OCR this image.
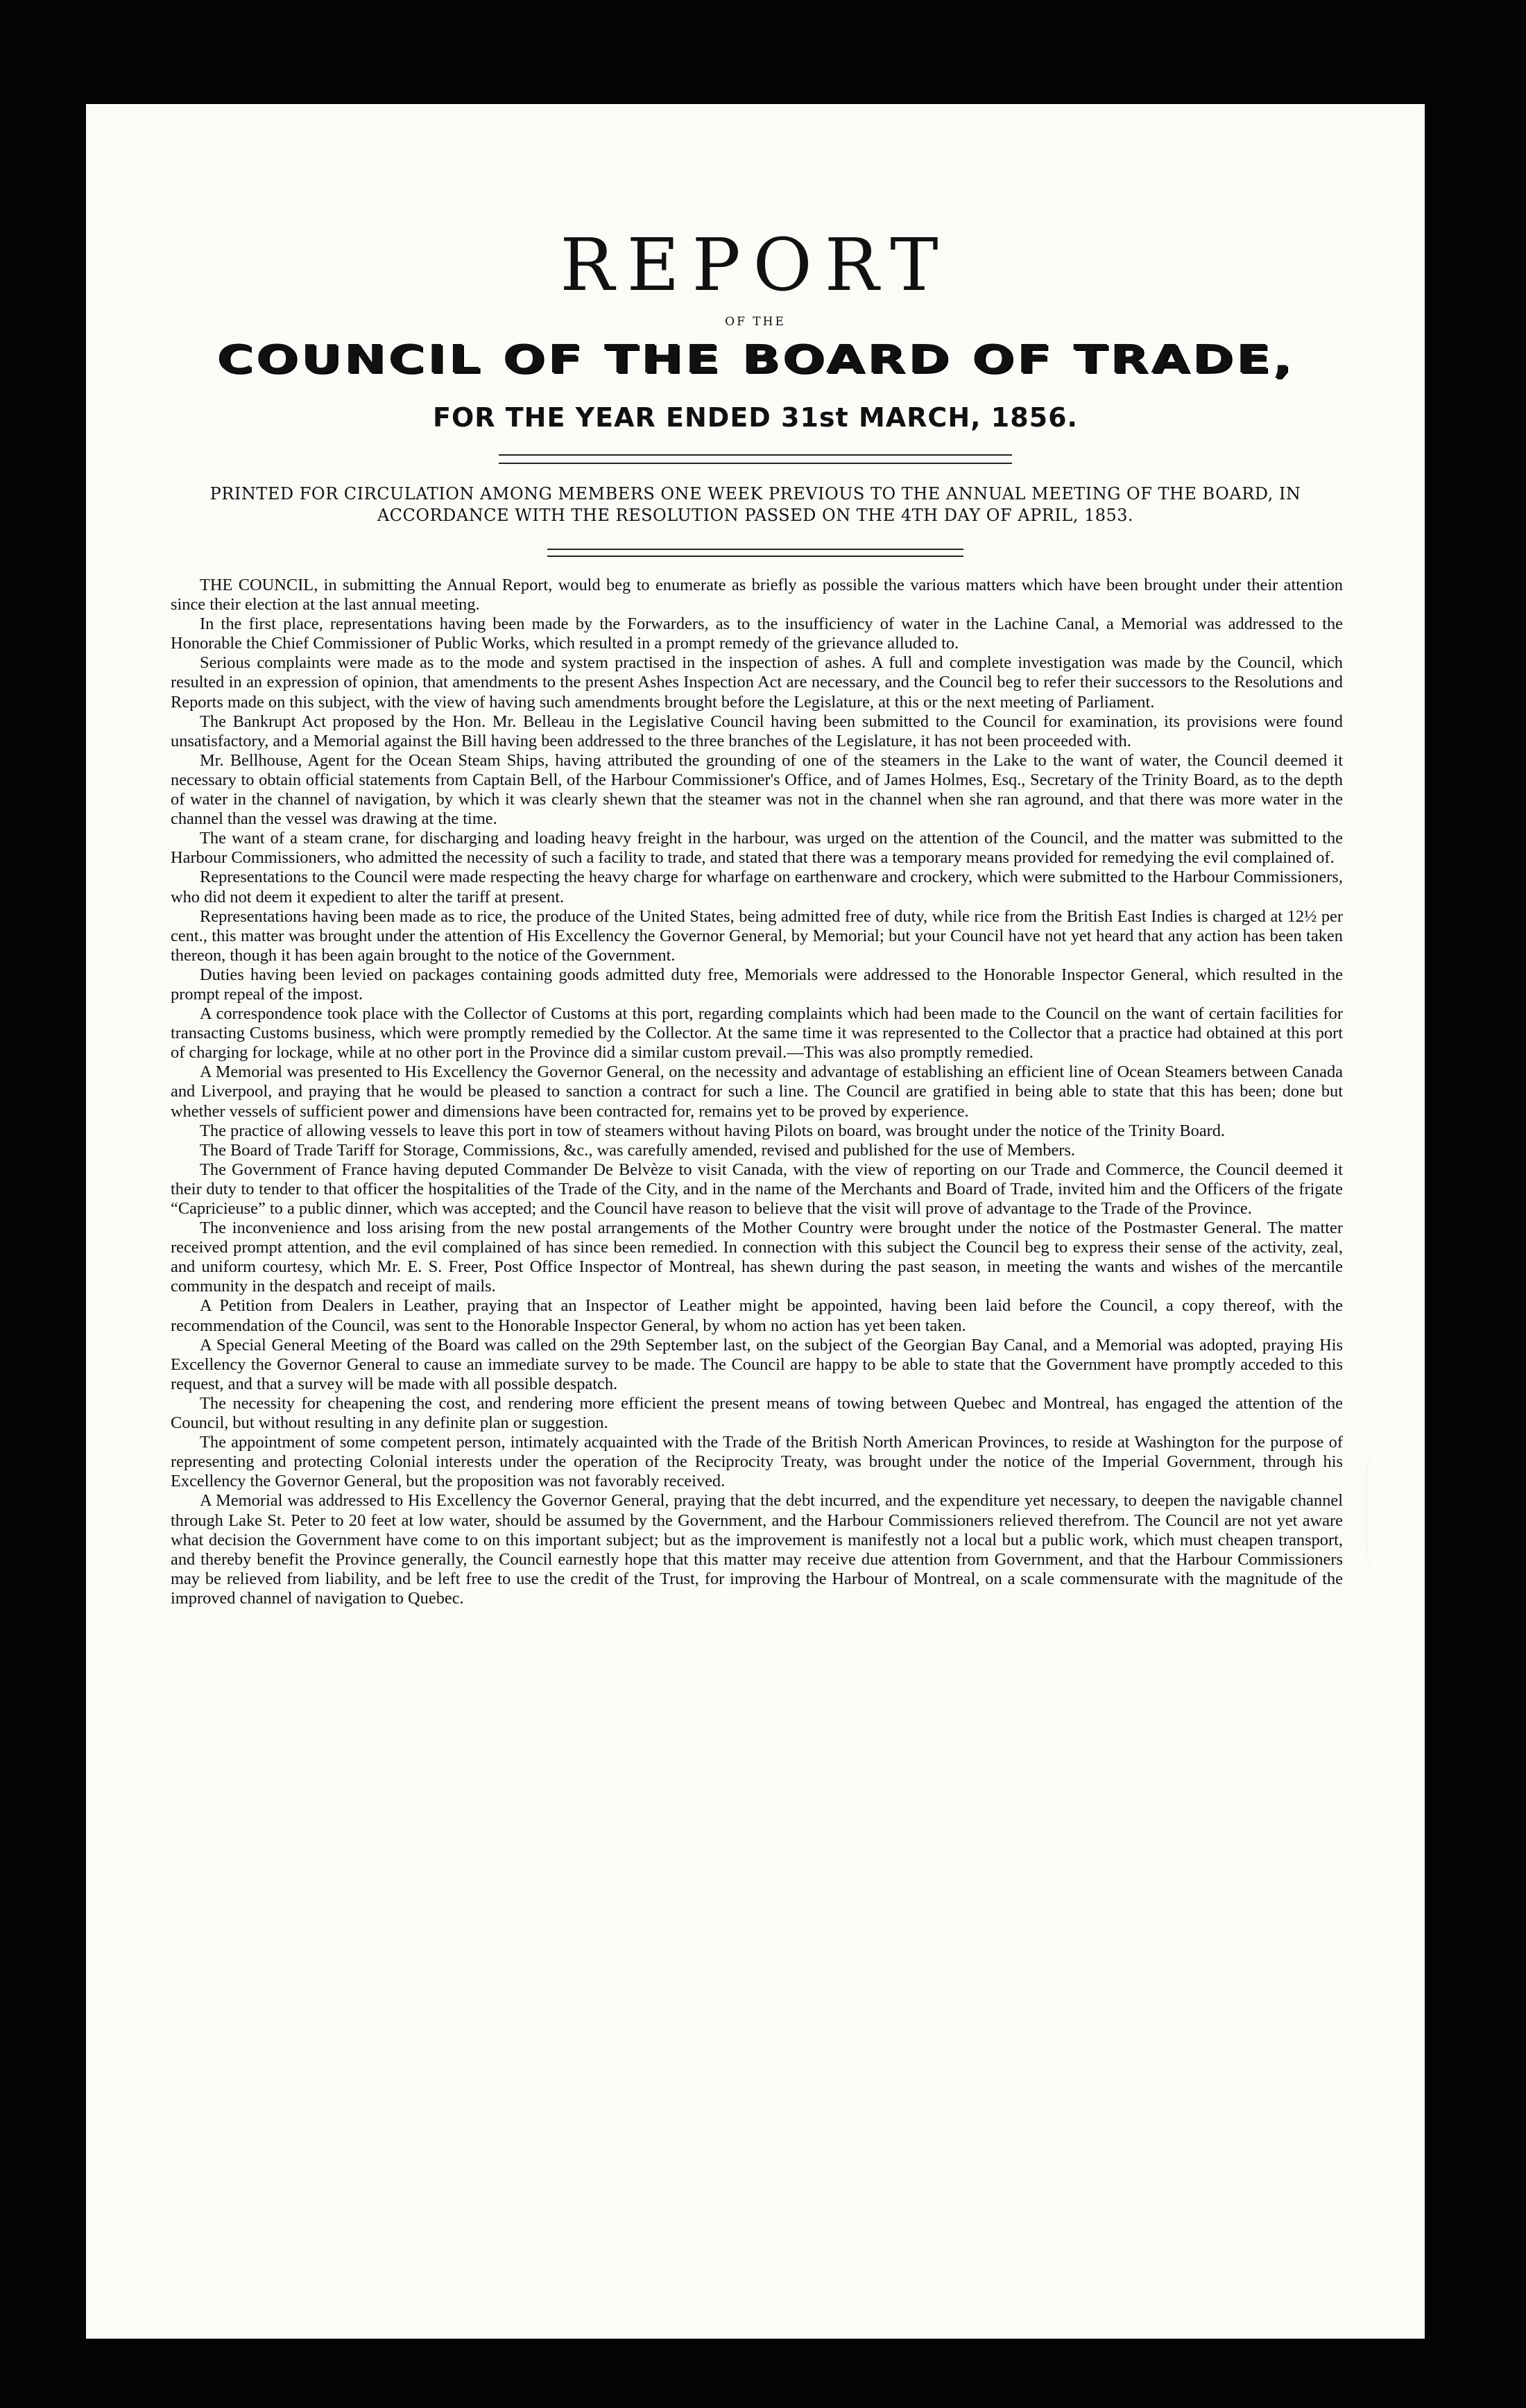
REPORT
OF THE
COUNCIL OF THE BOARD OF TRADE,
FOR THE YEAR ENDED 31st MARCH, 1856.
PRINTED FOR CIRCULATION AMONG MEMBERS ONE WEEK PREVIOUS TO THE ANNUAL MEETING OF THE BOARD, IN ACCORDANCE WITH THE RESOLUTION PASSED ON THE 4TH DAY OF APRIL, 1853.

THE COUNCIL, in submitting the Annual Report, would beg to enumerate as briefly as possible the various matters which have been brought under their attention since their election at the last annual meeting.

In the first place, representations having been made by the Forwarders, as to the insufficiency of water in the Lachine Canal, a Memorial was addressed to the Honorable the Chief Commissioner of Public Works, which resulted in a prompt remedy of the grievance alluded to.

Serious complaints were made as to the mode and system practised in the inspection of ashes. A full and complete investigation was made by the Council, which resulted in an expression of opinion, that amendments to the present Ashes Inspection Act are necessary, and the Council beg to refer their successors to the Resolutions and Reports made on this subject, with the view of having such amendments brought before the Legislature, at this or the next meeting of Parliament.

The Bankrupt Act proposed by the Hon. Mr. Belleau in the Legislative Council having been submitted to the Council for examination, its provisions were found unsatisfactory, and a Memorial against the Bill having been addressed to the three branches of the Legislature, it has not been proceeded with.

Mr. Bellhouse, Agent for the Ocean Steam Ships, having attributed the grounding of one of the steamers in the Lake to the want of water, the Council deemed it necessary to obtain official statements from Captain Bell, of the Harbour Commissioner's Office, and of James Holmes, Esq., Secretary of the Trinity Board, as to the depth of water in the channel of navigation, by which it was clearly shewn that the steamer was not in the channel when she ran aground, and that there was more water in the channel than the vessel was drawing at the time.

The want of a steam crane, for discharging and loading heavy freight in the harbour, was urged on the attention of the Council, and the matter was submitted to the Harbour Commissioners, who admitted the necessity of such a facility to trade, and stated that there was a temporary means provided for remedying the evil complained of.

Representations to the Council were made respecting the heavy charge for wharfage on earthenware and crockery, which were submitted to the Harbour Commissioners, who did not deem it expedient to alter the tariff at present.

Representations having been made as to rice, the produce of the United States, being admitted free of duty, while rice from the British East Indies is charged at 12½ per cent., this matter was brought under the attention of His Excellency the Governor General, by Memorial; but your Council have not yet heard that any action has been taken thereon, though it has been again brought to the notice of the Government.

Duties having been levied on packages containing goods admitted duty free, Memorials were addressed to the Honorable Inspector General, which resulted in the prompt repeal of the impost.

A correspondence took place with the Collector of Customs at this port, regarding complaints which had been made to the Council on the want of certain facilities for transacting Customs business, which were promptly remedied by the Collector. At the same time it was represented to the Collector that a practice had obtained at this port of charging for lockage, while at no other port in the Province did a similar custom prevail.—This was also promptly remedied.

A Memorial was presented to His Excellency the Governor General, on the necessity and advantage of establishing an efficient line of Ocean Steamers between Canada and Liverpool, and praying that he would be pleased to sanction a contract for such a line. The Council are gratified in being able to state that this has been; done but whether vessels of sufficient power and dimensions have been contracted for, remains yet to be proved by experience.

The practice of allowing vessels to leave this port in tow of steamers without having Pilots on board, was brought under the notice of the Trinity Board.

The Board of Trade Tariff for Storage, Commissions, &c., was carefully amended, revised and published for the use of Members.

The Government of France having deputed Commander De Belvèze to visit Canada, with the view of reporting on our Trade and Commerce, the Council deemed it their duty to tender to that officer the hospitalities of the Trade of the City, and in the name of the Merchants and Board of Trade, invited him and the Officers of the frigate “Capricieuse” to a public dinner, which was accepted; and the Council have reason to believe that the visit will prove of advantage to the Trade of the Province.

The inconvenience and loss arising from the new postal arrangements of the Mother Country were brought under the notice of the Postmaster General. The matter received prompt attention, and the evil complained of has since been remedied. In connection with this subject the Council beg to express their sense of the activity, zeal, and uniform courtesy, which Mr. E. S. Freer, Post Office Inspector of Montreal, has shewn during the past season, in meeting the wants and wishes of the mercantile community in the despatch and receipt of mails.

A Petition from Dealers in Leather, praying that an Inspector of Leather might be appointed, having been laid before the Council, a copy thereof, with the recommendation of the Council, was sent to the Honorable Inspector General, by whom no action has yet been taken.

A Special General Meeting of the Board was called on the 29th September last, on the subject of the Georgian Bay Canal, and a Memorial was adopted, praying His Excellency the Governor General to cause an immediate survey to be made. The Council are happy to be able to state that the Government have promptly acceded to this request, and that a survey will be made with all possible despatch.

The necessity for cheapening the cost, and rendering more efficient the present means of towing between Quebec and Montreal, has engaged the attention of the Council, but without resulting in any definite plan or suggestion.

The appointment of some competent person, intimately acquainted with the Trade of the British North American Provinces, to reside at Washington for the purpose of representing and protecting Colonial interests under the operation of the Reciprocity Treaty, was brought under the notice of the Imperial Government, through his Excellency the Governor General, but the proposition was not favorably received.

A Memorial was addressed to His Excellency the Governor General, praying that the debt incurred, and the expenditure yet necessary, to deepen the navigable channel through Lake St. Peter to 20 feet at low water, should be assumed by the Government, and the Harbour Commissioners relieved therefrom. The Council are not yet aware what decision the Government have come to on this important subject; but as the improvement is manifestly not a local but a public work, which must cheapen transport, and thereby benefit the Province generally, the Council earnestly hope that this matter may receive due attention from Government, and that the Harbour Commissioners may be relieved from liability, and be left free to use the credit of the Trust, for improving the Harbour of Montreal, on a scale commensurate with the magnitude of the improved channel of navigation to Quebec.
